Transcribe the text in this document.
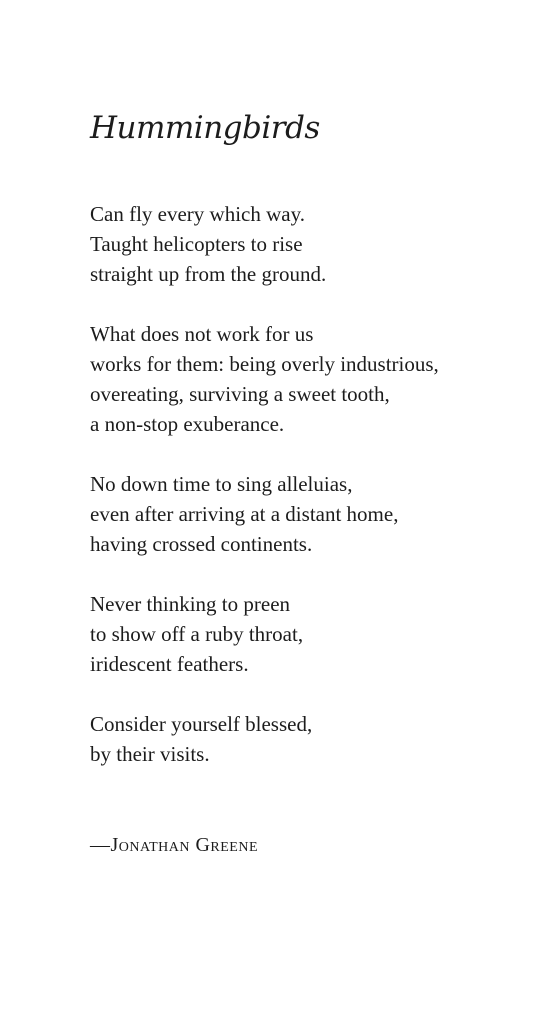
Hummingbirds

Can fly every which way.
Taught helicopters to rise
straight up from the ground.

What does not work for us
works for them: being overly industrious,
overeating, surviving a sweet tooth,
a non-stop exuberance.

No down time to sing alleluias,
even after arriving at a distant home,
having crossed continents.

Never thinking to preen
to show off a ruby throat,
iridescent feathers.

Consider yourself blessed,
by their visits.

—Jonathan Greene
